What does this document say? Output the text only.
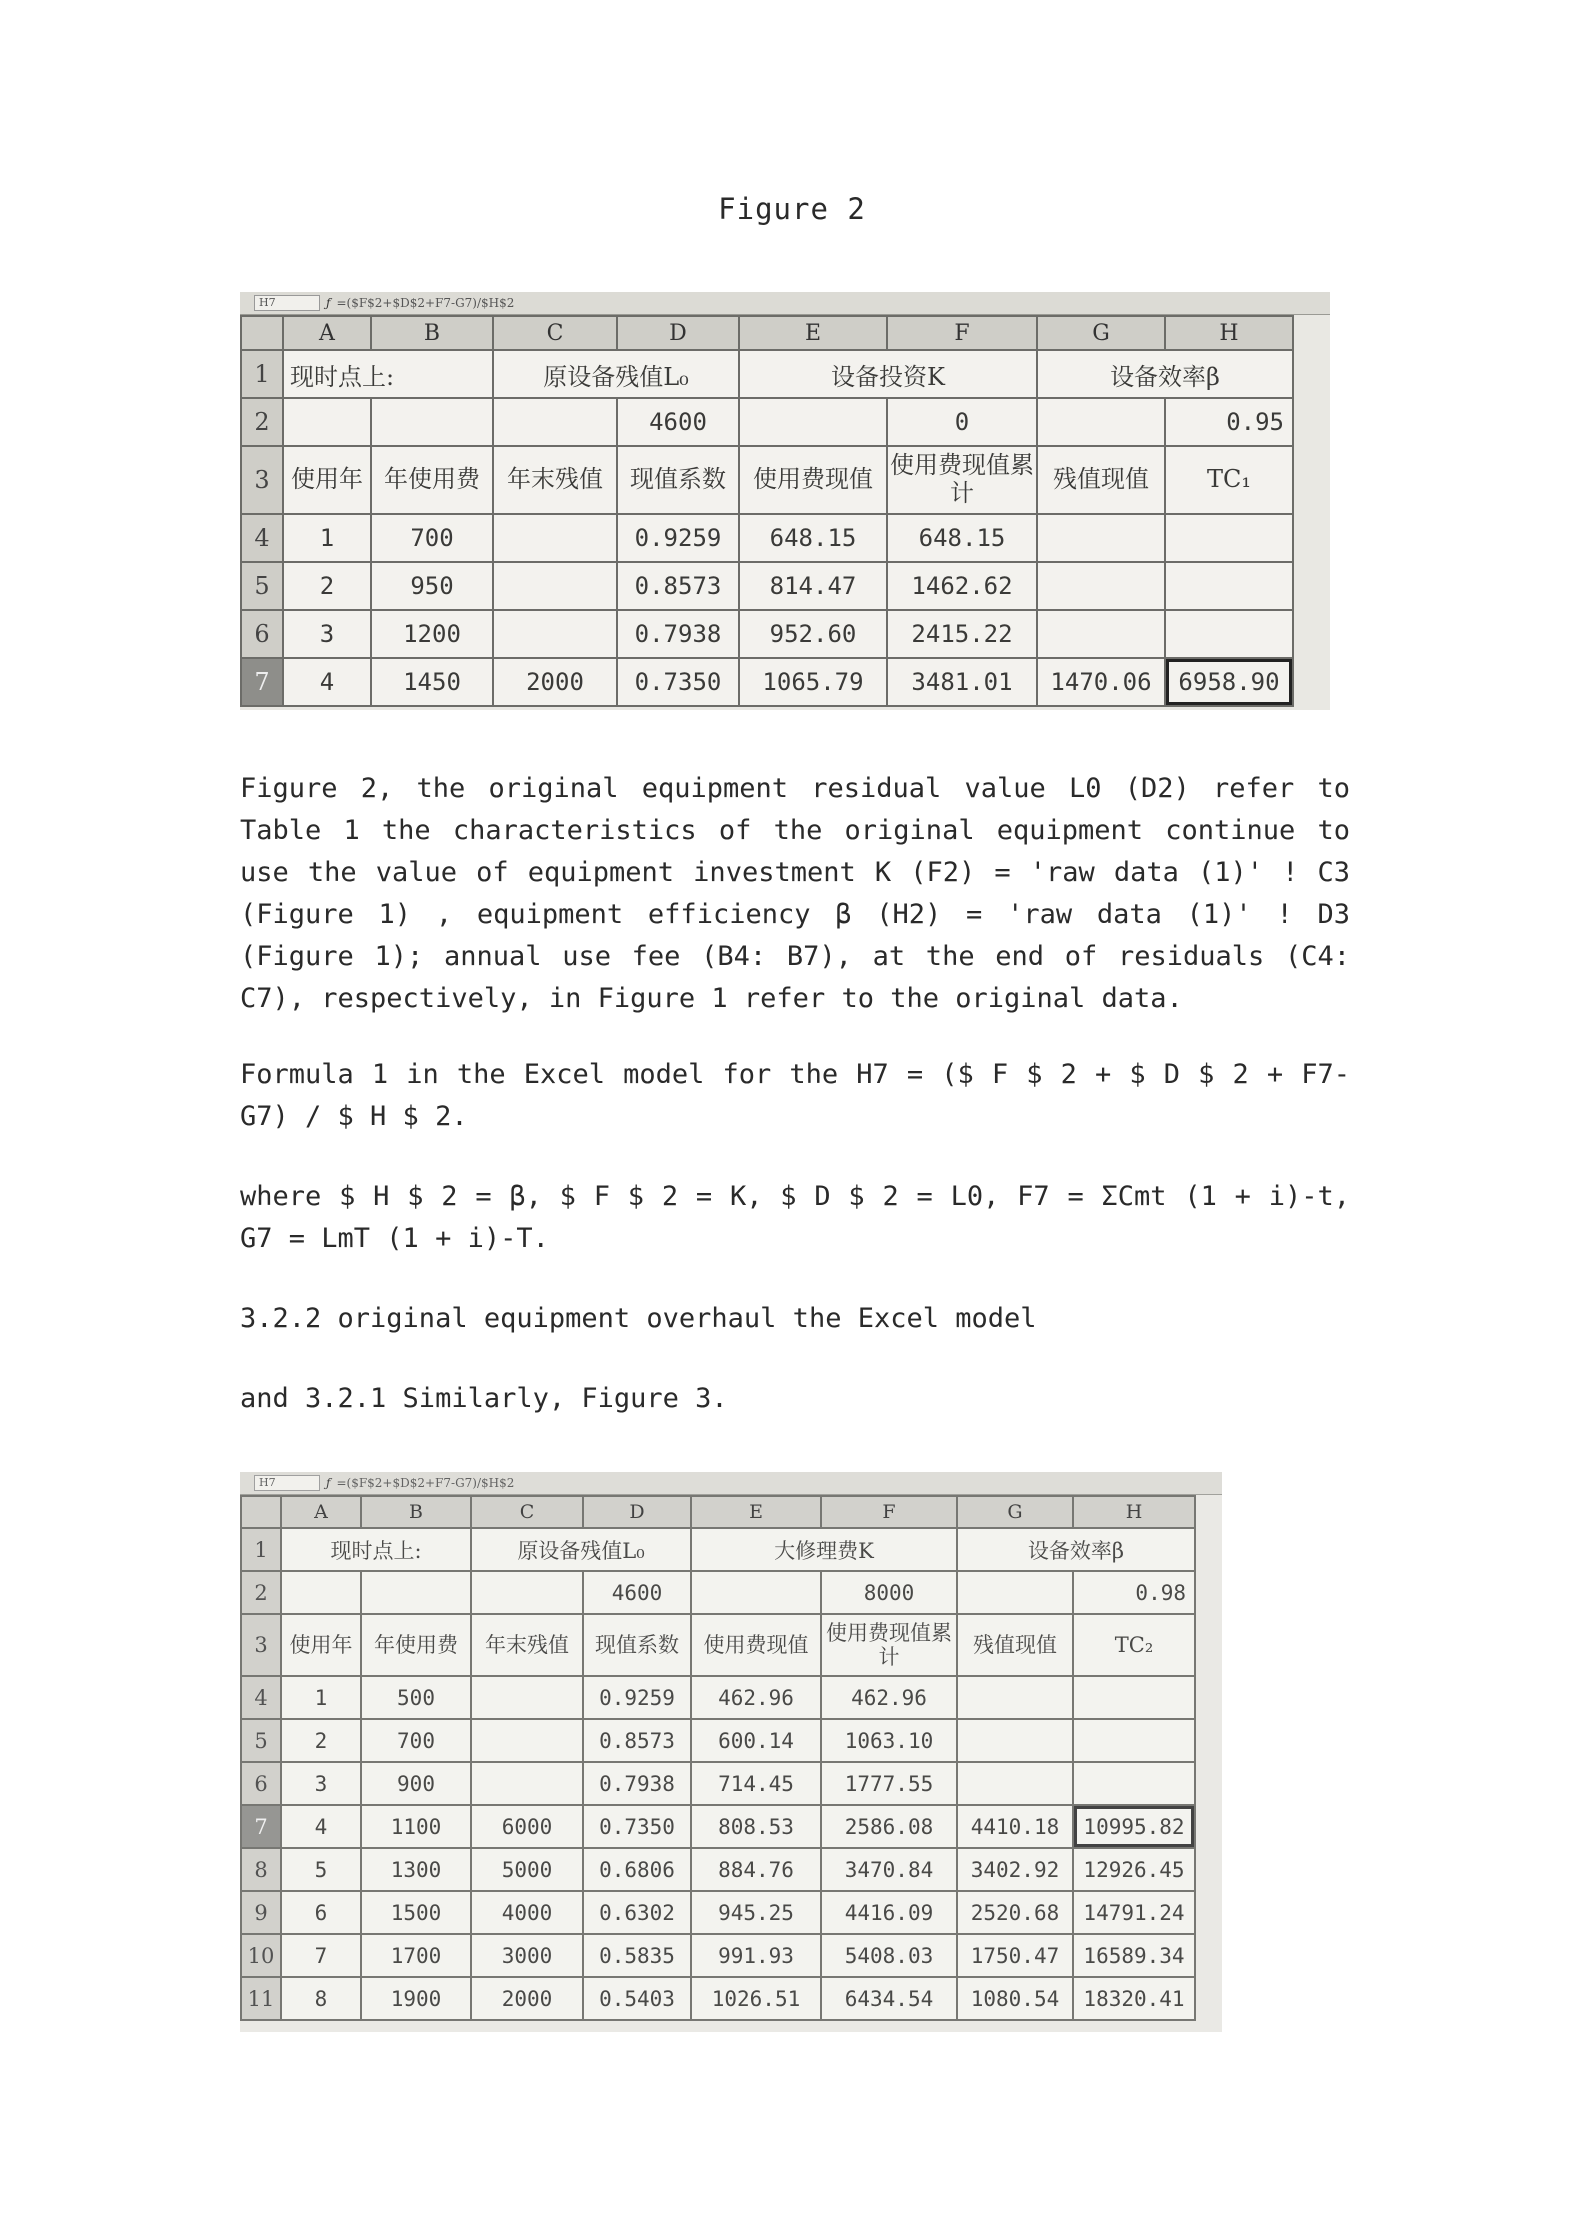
Figure 2
H7	ƒ =($F$2+$D$2+F7-G7)/$H$2
	A	B	C	D	E	F	G	H
1	现时点上:		原设备残值L₀		设备投资K		设备效率β	
2				4600		0		0.95
3	使用年	年使用费	年末残值	现值系数	使用费现值	使用费现值累计	残值现值	TC₁
4	1	700		0.9259	648.15	648.15		
5	2	950		0.8573	814.47	1462.62		
6	3	1200		0.7938	952.60	2415.22		
7	4	1450	2000	0.7350	1065.79	3481.01	1470.06	6958.90

Figure 2, the original equipment residual value L0 (D2) refer to Table 1 the characteristics of the original equipment continue to use the value of equipment investment K (F2) = 'raw data (1)' ! C3 (Figure 1) , equipment efficiency β (H2) = 'raw data (1)' ! D3 (Figure 1); annual use fee (B4: B7), at the end of residuals (C4: C7), respectively, in Figure 1 refer to the original data.

Formula 1 in the Excel model for the H7 = ($ F $ 2 + $ D $ 2 + F7-G7) / $ H $ 2.

where $ H $ 2 = β, $ F $ 2 = K, $ D $ 2 = L0, F7 = ΣCmt (1 + i)-t, G7 = LmT (1 + i)-T.

3.2.2 original equipment overhaul the Excel model

and 3.2.1 Similarly, Figure 3.

H7	ƒ =($F$2+$D$2+F7-G7)/$H$2
	A	B	C	D	E	F	G	H
1	现时点上:		原设备残值L₀		大修理费K		设备效率β	
2				4600		8000		0.98
3	使用年	年使用费	年末残值	现值系数	使用费现值	使用费现值累计	残值现值	TC₂
4	1	500		0.9259	462.96	462.96		
5	2	700		0.8573	600.14	1063.10		
6	3	900		0.7938	714.45	1777.55		
7	4	1100	6000	0.7350	808.53	2586.08	4410.18	10995.82
8	5	1300	5000	0.6806	884.76	3470.84	3402.92	12926.45
9	6	1500	4000	0.6302	945.25	4416.09	2520.68	14791.24
10	7	1700	3000	0.5835	991.93	5408.03	1750.47	16589.34
11	8	1900	2000	0.5403	1026.51	6434.54	1080.54	18320.41
